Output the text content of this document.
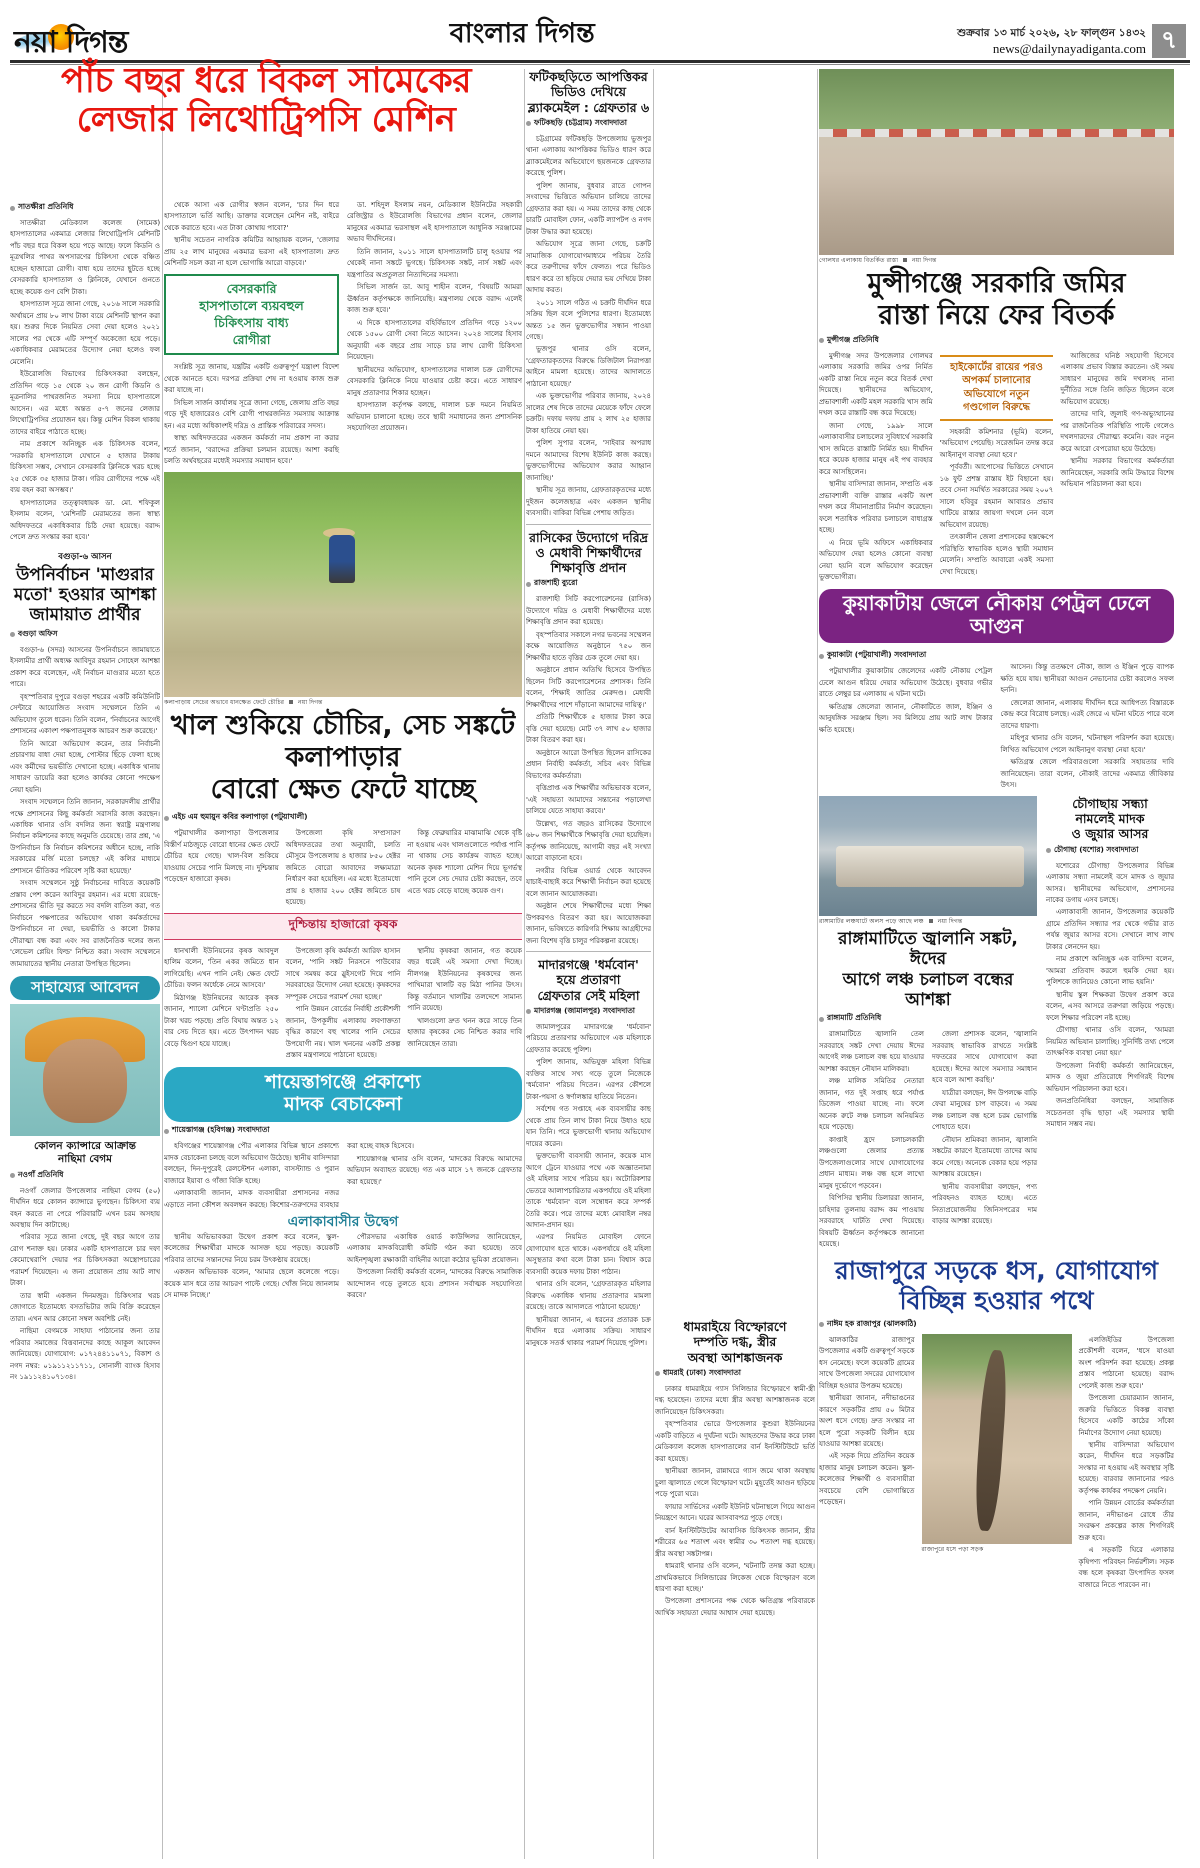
নয়া দিগন্ত	বাংলার দিগন্ত	শুক্রবার ১৩ মার্চ ২০২৬, ২৮ ফাল্গুন ১৪৩২
news@dailynayadiganta.com ৭
সাতক্ষীরা প্রতিনিধি

সাতক্ষীরা মেডিক্যাল কলেজ (সামেক) হাসপাতালের একমাত্র লেজার লিথোট্রিপসি মেশিনটি পাঁচ বছর ধরে বিকল হয়ে পড়ে আছে। ফলে কিডনি ও মূত্রথলির পাথর অপসারণের চিকিৎসা থেকে বঞ্চিত হচ্ছেন হাজারো রোগী। বাধ্য হয়ে তাদের ছুটতে হচ্ছে বেসরকারি হাসপাতাল ও ক্লিনিকে, যেখানে গুনতে হচ্ছে কয়েক গুণ বেশি টাকা।

হাসপাতাল সূত্রে জানা গেছে, ২০১৬ সালে সরকারি অর্থায়নে প্রায় ৮০ লাখ টাকা ব্যয়ে মেশিনটি স্থাপন করা হয়। শুরুর দিকে নিয়মিত সেবা দেয়া হলেও ২০২১ সালের পর থেকে এটি সম্পূর্ণ অকেজো হয়ে পড়ে। একাধিকবার মেরামতের উদ্যোগ নেয়া হলেও ফল মেলেনি।

ইউরোলজি বিভাগের চিকিৎসকরা বলছেন, প্রতিদিন গড়ে ১৫ থেকে ২০ জন রোগী কিডনি ও মূত্রনালির পাথরজনিত সমস্যা নিয়ে হাসপাতালে আসেন। এর মধ্যে অন্তত ৫-৭ জনের লেজার লিথোট্রিপসির প্রয়োজন হয়। কিন্তু মেশিন বিকল থাকায় তাদের বাইরে পাঠাতে হচ্ছে।

নাম প্রকাশে অনিচ্ছুক এক চিকিৎসক বলেন, 'সরকারি হাসপাতালে যেখানে ৫ হাজার টাকায় চিকিৎসা সম্ভব, সেখানে বেসরকারি ক্লিনিকে খরচ হচ্ছে ২৫ থেকে ৩৫ হাজার টাকা। গরিব রোগীদের পক্ষে এই ব্যয় বহন করা অসম্ভব।'

হাসপাতালের তত্ত্বাবধায়ক ডা. মো. শফিকুল ইসলাম বলেন, 'মেশিনটি মেরামতের জন্য স্বাস্থ্য অধিদফতরে একাধিকবার চিঠি দেয়া হয়েছে। বরাদ্দ পেলে দ্রুত সংস্কার করা হবে।'

বগুড়া-৬ আসন
উপনির্বাচন 'মাগুরার
মতো' হওয়ার আশঙ্কা
জামায়াত প্রার্থীর
বগুড়া অফিস

বগুড়া-৬ (সদর) আসনের উপনির্বাচনে জামায়াতে ইসলামীর প্রার্থী অধ্যক্ষ আবিদুর রহমান সোহেল আশঙ্কা প্রকাশ করে বলেছেন, এই নির্বাচন মাগুরার মতো হতে পারে।

বৃহস্পতিবার দুপুরে বগুড়া শহরের একটি কমিউনিটি সেন্টারে আয়োজিত সংবাদ সম্মেলনে তিনি এ অভিযোগ তুলে ধরেন। তিনি বলেন, 'নির্বাচনের আগেই প্রশাসনের একাংশ পক্ষপাতমূলক আচরণ শুরু করেছে।'

তিনি আরো অভিযোগ করেন, তার নির্বাচনী প্রচারণায় বাধা দেয়া হচ্ছে, পোস্টার ছিঁড়ে ফেলা হচ্ছে এবং কর্মীদের ভয়ভীতি দেখানো হচ্ছে। একাধিক থানায় সাধারণ ডায়েরি করা হলেও কার্যকর কোনো পদক্ষেপ নেয়া হয়নি।

সংবাদ সম্মেলনে তিনি জানান, সরকারদলীয় প্রার্থীর পক্ষে প্রশাসনের কিছু কর্মকর্তা সরাসরি কাজ করছেন। একাধিক থানার ওসি বদলির জন্য স্বরাষ্ট্র মন্ত্রণালয় নির্বাচন কমিশনের কাছে অনুমতি চেয়েছে। তার প্রশ্ন, 'এ উপনির্বাচন কি নির্বাচন কমিশনের অধীনে হচ্ছে, নাকি সরকারের মর্জি মতো চলছে? এই কলির মাধ্যমে প্রশাসনে ভীতিকর পরিবেশ সৃষ্টি করা হয়েছে।'

সংবাদ সম্মেলনে সুষ্ঠু নির্বাচনের দাবিতে কয়েকটি প্রস্তাব পেশ করেন আবিদুর রহমান। এর মধ্যে রয়েছে- প্রশাসনের ভীতি দূর করতে সব বদলি বাতিল করা, গত নির্বাচনে পক্ষপাতের অভিযোগ থাকা কর্মকর্তাদের উপনির্বাচনে না দেয়া, ভয়ভীতি ও কালো টাকার দৌরাত্ম্য বন্ধ করা এবং সব রাজনৈতিক দলের জন্য 'লেভেল প্লেয়িং ফিল্ড' নিশ্চিত করা। সংবাদ সম্মেলনে জামায়াতের স্থানীয় নেতারা উপস্থিত ছিলেন।

সাহায্যের আবেদন
কোলন ক্যান্সারে আক্রান্ত
নাছিমা বেগম
নওগাঁ প্রতিনিধি

নওগাঁ জেলার উপজেলার নাছিমা বেগম (৫০) দীর্ঘদিন ধরে কোলন ক্যান্সারে ভুগছেন। চিকিৎসা ব্যয় বহন করতে না পেরে পরিবারটি এখন চরম অসহায় অবস্থায় দিন কাটাচ্ছে।

পরিবার সূত্রে জানা গেছে, দুই বছর আগে তার রোগ শনাক্ত হয়। ঢাকার একটি হাসপাতালে চার দফা কেমোথেরাপি দেয়ার পর চিকিৎসকরা অস্ত্রোপচারের পরামর্শ দিয়েছেন। এ জন্য প্রয়োজন প্রায় আট লাখ টাকা।

তার স্বামী একজন দিনমজুর। চিকিৎসার খরচ জোগাতে ইতোমধ্যে বসতভিটার জমি বিক্রি করেছেন তারা। এখন আর কোনো সম্বল অবশিষ্ট নেই।

নাছিমা বেগমকে সাহায্য পাঠানোর জন্য তার পরিবার সমাজের বিত্তবানদের কাছে আকুল আবেদন জানিয়েছে। যোগাযোগ: ০১৭২৪৪১১০৭১, বিকাশ ও নগদ নম্বর: ০১৯১১২১১৭১১, সোনালী ব্যাংক হিসাব নং ১৯১১২৪১০৭১৩৪।

থেকে আসা এক রোগীর স্বজন বলেন, 'চার দিন ধরে হাসপাতালে ভর্তি আছি। ডাক্তার বলেছেন মেশিন নষ্ট, বাইরে থেকে করাতে হবে। এত টাকা কোথায় পাবো?'

স্থানীয় সচেতন নাগরিক কমিটির আহ্বায়ক বলেন, 'জেলার প্রায় ২৫ লাখ মানুষের একমাত্র ভরসা এই হাসপাতাল। দ্রুত মেশিনটি সচল করা না হলে ভোগান্তি আরো বাড়বে।'

বেসরকারি
হাসপাতালে ব্যয়বহুল
চিকিৎসায় বাধ্য
রোগীরা

সংশ্লিষ্ট সূত্র জানায়, যন্ত্রটির একটি গুরুত্বপূর্ণ যন্ত্রাংশ বিদেশ থেকে আনতে হবে। দরপত্র প্রক্রিয়া শেষ না হওয়ায় কাজ শুরু করা যাচ্ছে না।

সিভিল সার্জন কার্যালয় সূত্রে জানা গেছে, জেলায় প্রতি বছর গড়ে দুই হাজারেরও বেশি রোগী পাথরজনিত সমস্যায় আক্রান্ত হন। এর মধ্যে অধিকাংশই দরিদ্র ও প্রান্তিক পরিবারের সদস্য।

স্বাস্থ্য অধিদফতরের একজন কর্মকর্তা নাম প্রকাশ না করার শর্তে জানান, 'বরাদ্দের প্রক্রিয়া চলমান রয়েছে। আশা করছি চলতি অর্থবছরের মধ্যেই সমস্যার সমাধান হবে।'

ডা. শহিদুল ইসলাম নয়ন, মেডিক্যাল ইউনিটের সহকারী রেজিস্ট্রার ও ইউরোলজি বিভাগের প্রধান বলেন, জেলার মানুষের একমাত্র ভরসাস্থল এই হাসপাতালে আধুনিক সরঞ্জামের অভাব দীর্ঘদিনের।

তিনি জানান, ২০১১ সালে হাসপাতালটি চালু হওয়ার পর থেকেই নানা সঙ্কটে ভুগছে। চিকিৎসক সঙ্কট, নার্স সঙ্কট এবং যন্ত্রপাতির অপ্রতুলতা নিত্যদিনের সমস্যা।

সিভিল সার্জন ডা. আবু শাহীন বলেন, 'বিষয়টি আমরা ঊর্ধ্বতন কর্তৃপক্ষকে জানিয়েছি। মন্ত্রণালয় থেকে বরাদ্দ এলেই কাজ শুরু হবে।'

এ দিকে হাসপাতালের বহির্বিভাগে প্রতিদিন গড়ে ১২০০ থেকে ১৫০০ রোগী সেবা নিতে আসেন। ২০২৪ সালের হিসাব অনুযায়ী এক বছরে প্রায় সাড়ে চার লাখ রোগী চিকিৎসা নিয়েছেন।

স্থানীয়দের অভিযোগ, হাসপাতালের দালাল চক্র রোগীদের বেসরকারি ক্লিনিকে নিয়ে যাওয়ার চেষ্টা করে। এতে সাধারণ মানুষ প্রতারণার শিকার হচ্ছেন।

হাসপাতাল কর্তৃপক্ষ বলছে, দালাল চক্র দমনে নিয়মিত অভিযান চালানো হচ্ছে। তবে স্থায়ী সমাধানের জন্য প্রশাসনিক সহযোগিতা প্রয়োজন।

কলাপাড়ায় সেচের অভাবে ধানক্ষেত ফেটে চৌচির নয়া দিগন্ত
খাল শুকিয়ে চৌচির, সেচ সঙ্কটে কলাপাড়ার
বোরো ক্ষেত ফেটে যাচ্ছে
এইচ এম হুমায়ুন কবির কলাপাড়া (পটুয়াখালী)

পটুয়াখালীর কলাপাড়া উপজেলার বিস্তীর্ণ মাঠজুড়ে বোরো ধানের ক্ষেত ফেটে চৌচির হয়ে গেছে। খাল-বিল শুকিয়ে যাওয়ায় সেচের পানি মিলছে না। দুশ্চিন্তায় পড়েছেন হাজারো কৃষক।

উপজেলা কৃষি সম্প্রসারণ অধিদফতরের তথ্য অনুযায়ী, চলতি মৌসুমে উপজেলায় ৪ হাজার ৮৫০ হেক্টর জমিতে বোরো আবাদের লক্ষ্যমাত্রা নির্ধারণ করা হয়েছিল। এর মধ্যে ইতোমধ্যে প্রায় ৪ হাজার ২০০ হেক্টর জমিতে চাষ হয়েছে।

কিন্তু ফেব্রুয়ারির মাঝামাঝি থেকে বৃষ্টি না হওয়ায় এবং খালগুলোতে পর্যাপ্ত পানি না থাকায় সেচ কার্যক্রম ব্যাহত হচ্ছে। অনেক কৃষক শ্যালো মেশিন দিয়ে ভূগর্ভস্থ পানি তুলে সেচ দেয়ার চেষ্টা করছেন, তবে এতে খরচ বেড়ে যাচ্ছে কয়েক গুণ।

দুশ্চিন্তায় হাজারো কৃষক

ধানখালী ইউনিয়নের কৃষক আবদুল হালিম বলেন, 'তিন একর জমিতে ধান লাগিয়েছি। এখন পানি নেই। ক্ষেত ফেটে চৌচির। ফলন অর্ধেকে নেমে আসবে।'

মিঠাগঞ্জ ইউনিয়নের আরেক কৃষক জানান, শ্যালো মেশিনে ঘণ্টাপ্রতি ২৫০ টাকা খরচ পড়ছে। প্রতি বিঘায় অন্তত ১২ বার সেচ দিতে হয়। এতে উৎপাদন খরচ বেড়ে দ্বিগুণ হয়ে যাচ্ছে।

উপজেলা কৃষি কর্মকর্তা আরিফ হাসান বলেন, 'পানি সঙ্কট নিরসনে পাউবোর সাথে সমন্বয় করে স্লুইসগেট দিয়ে পানি সরবরাহের উদ্যোগ নেয়া হয়েছে। কৃষকদের সম্পূরক সেচের পরামর্শ দেয়া হচ্ছে।'

পানি উন্নয়ন বোর্ডের নির্বাহী প্রকৌশলী জানান, উপকূলীয় এলাকায় লবণাক্ততা বৃদ্ধির কারণে বহু খালের পানি সেচের উপযোগী নয়। খাল খননের একটি প্রকল্প প্রস্তাব মন্ত্রণালয়ে পাঠানো হয়েছে।

স্থানীয় কৃষকরা জানান, গত কয়েক বছর ধরেই এই সমস্যা দেখা দিচ্ছে। নীলগঞ্জ ইউনিয়নের কৃষকদের জন্য পাখিমারা খালটি বড় মিঠা পানির উৎস। কিন্তু বর্তমানে খালটির তলদেশে সামান্য পানি রয়েছে।

খালগুলো দ্রুত খনন করে সাড়ে তিন হাজার কৃষকের সেচ নিশ্চিত করার দাবি জানিয়েছেন তারা।

শায়েস্তাগঞ্জে প্রকাশ্যে
মাদক বেচাকেনা
শায়েস্তাগঞ্জ (হবিগঞ্জ) সংবাদদাতা

হবিগঞ্জের শায়েস্তাগঞ্জ পৌর এলাকার বিভিন্ন স্থানে প্রকাশ্যে মাদক বেচাকেনা চলছে বলে অভিযোগ উঠেছে। স্থানীয় বাসিন্দারা বলছেন, দিন-দুপুরেই রেলস্টেশন এলাকা, বাসস্ট্যান্ড ও পুরান বাজারে ইয়াবা ও গাঁজা বিক্রি হচ্ছে।

এলাকাবাসী জানান, মাদক ব্যবসায়ীরা প্রশাসনের নজর এড়াতে নানা কৌশল অবলম্বন করছে। কিশোর-তরুণদের ব্যবহার করা হচ্ছে বাহক হিসেবে।

শায়েস্তাগঞ্জ থানার ওসি বলেন, 'মাদকের বিরুদ্ধে আমাদের অভিযান অব্যাহত রয়েছে। গত এক মাসে ১৭ জনকে গ্রেফতার করা হয়েছে।'

এলাকাবাসীর উদ্বেগ

স্থানীয় অভিভাবকরা উদ্বেগ প্রকাশ করে বলেন, স্কুল-কলেজের শিক্ষার্থীরা মাদকে আসক্ত হয়ে পড়ছে। কয়েকটি পরিবার তাদের সন্তানদের নিয়ে চরম উৎকণ্ঠায় রয়েছে।

একজন অভিভাবক বলেন, 'আমার ছেলে কলেজে পড়ে। কয়েক মাস ধরে তার আচরণ পাল্টে গেছে। খোঁজ নিয়ে জানলাম সে মাদক নিচ্ছে।'

পৌরসভার একাধিক ওয়ার্ড কাউন্সিলর জানিয়েছেন, এলাকায় মাদকবিরোধী কমিটি গঠন করা হয়েছে। তবে আইনশৃঙ্খলা রক্ষাকারী বাহিনীর আরো কঠোর ভূমিকা প্রয়োজন।

উপজেলা নির্বাহী কর্মকর্তা বলেন, 'মাদকের বিরুদ্ধে সামাজিক আন্দোলন গড়ে তুলতে হবে। প্রশাসন সর্বাত্মক সহযোগিতা করবে।'

ফটিকছড়িতে আপত্তিকর
ভিডিও দেখিয়ে
ব্ল্যাকমেইল : গ্রেফতার ৬
ফটিকছড়ি (চট্টগ্রাম) সংবাদদাতা

চট্টগ্রামের ফটিকছড়ি উপজেলায় ভুজপুর থানা এলাকায় আপত্তিকর ভিডিও ধারণ করে ব্ল্যাকমেইলের অভিযোগে ছয়জনকে গ্রেফতার করেছে পুলিশ।

পুলিশ জানায়, বুধবার রাতে গোপন সংবাদের ভিত্তিতে অভিযান চালিয়ে তাদের গ্রেফতার করা হয়। এ সময় তাদের কাছ থেকে চারটি মোবাইল ফোন, একটি ল্যাপটপ ও নগদ টাকা উদ্ধার করা হয়েছে।

অভিযোগ সূত্রে জানা গেছে, চক্রটি সামাজিক যোগাযোগমাধ্যমে পরিচয় তৈরি করে তরুণীদের ফাঁদে ফেলত। পরে ভিডিও ধারণ করে তা ছড়িয়ে দেয়ার ভয় দেখিয়ে টাকা আদায় করত।

২০১১ সালে গঠিত এ চক্রটি দীর্ঘদিন ধরে সক্রিয় ছিল বলে পুলিশের ধারণা। ইতোমধ্যে অন্তত ১৫ জন ভুক্তভোগীর সন্ধান পাওয়া গেছে।

ভুজপুর থানার ওসি বলেন, 'গ্রেফতারকৃতদের বিরুদ্ধে ডিজিটাল নিরাপত্তা আইনে মামলা হয়েছে। তাদের আদালতে পাঠানো হয়েছে।'

এক ভুক্তভোগীর পরিবার জানায়, ২০২৪ সালের শেষ দিকে তাদের মেয়েকে ফাঁদে ফেলে চক্রটি। দফায় দফায় প্রায় ২ লাখ ২৫ হাজার টাকা হাতিয়ে নেয়া হয়।

পুলিশ সুপার বলেন, 'সাইবার অপরাধ দমনে আমাদের বিশেষ ইউনিট কাজ করছে। ভুক্তভোগীদের অভিযোগ করার আহ্বান জানাচ্ছি।'

স্থানীয় সূত্র জানায়, গ্রেফতারকৃতদের মধ্যে দুইজন কলেজছাত্র এবং একজন স্থানীয় ব্যবসায়ী। বাকিরা বিভিন্ন পেশায় জড়িত।

রাসিকের উদ্যোগে দরিদ্র
ও মেধাবী শিক্ষার্থীদের
শিক্ষাবৃত্তি প্রদান
রাজশাহী ব্যুরো

রাজশাহী সিটি করপোরেশনের (রাসিক) উদ্যোগে দরিদ্র ও মেধাবী শিক্ষার্থীদের মধ্যে শিক্ষাবৃত্তি প্রদান করা হয়েছে।

বৃহস্পতিবার সকালে নগর ভবনের সম্মেলন কক্ষে আয়োজিত অনুষ্ঠানে ৭৫০ জন শিক্ষার্থীর হাতে বৃত্তির চেক তুলে দেয়া হয়।

অনুষ্ঠানে প্রধান অতিথি হিসেবে উপস্থিত ছিলেন সিটি করপোরেশনের প্রশাসক। তিনি বলেন, 'শিক্ষাই জাতির মেরুদণ্ড। মেধাবী শিক্ষার্থীদের পাশে দাঁড়ানো আমাদের দায়িত্ব।'

প্রতিটি শিক্ষার্থীকে ৫ হাজার টাকা করে বৃত্তি দেয়া হয়েছে। মোট ৩৭ লাখ ৫০ হাজার টাকা বিতরণ করা হয়।

অনুষ্ঠানে আরো উপস্থিত ছিলেন রাসিকের প্রধান নির্বাহী কর্মকর্তা, সচিব এবং বিভিন্ন বিভাগের কর্মকর্তারা।

বৃত্তিপ্রাপ্ত এক শিক্ষার্থীর অভিভাবক বলেন, 'এই সহায়তা আমাদের সন্তানের পড়ালেখা চালিয়ে যেতে সাহায্য করবে।'

উল্লেখ্য, গত বছরও রাসিকের উদ্যোগে ৬৮০ জন শিক্ষার্থীকে শিক্ষাবৃত্তি দেয়া হয়েছিল। কর্তৃপক্ষ জানিয়েছে, আগামী বছর এই সংখ্যা আরো বাড়ানো হবে।

নগরীর বিভিন্ন ওয়ার্ড থেকে আবেদন যাচাই-বাছাই করে শিক্ষার্থী নির্বাচন করা হয়েছে বলে জানান আয়োজকরা।

অনুষ্ঠান শেষে শিক্ষার্থীদের মধ্যে শিক্ষা উপকরণও বিতরণ করা হয়। আয়োজকরা জানান, ভবিষ্যতে কারিগরি শিক্ষায় আগ্রহীদের জন্য বিশেষ বৃত্তি চালুর পরিকল্পনা রয়েছে।

মাদারগঞ্জে 'ধর্মবোন'
হয়ে প্রতারণা
গ্রেফতার সেই মহিলা
মাদারগঞ্জ (জামালপুর) সংবাদদাতা

জামালপুরের মাদারগঞ্জে 'ধর্মবোন' পরিচয়ে প্রতারণার অভিযোগে এক মহিলাকে গ্রেফতার করেছে পুলিশ।

পুলিশ জানায়, অভিযুক্ত মহিলা বিভিন্ন ব্যক্তির সাথে সখ্য গড়ে তুলে নিজেকে 'ধর্মবোন' পরিচয় দিতেন। এরপর কৌশলে টাকা-পয়সা ও স্বর্ণালঙ্কার হাতিয়ে নিতেন।

সর্বশেষ গত সপ্তাহে এক ব্যবসায়ীর কাছ থেকে প্রায় তিন লাখ টাকা নিয়ে উধাও হয়ে যান তিনি। পরে ভুক্তভোগী থানায় অভিযোগ দায়ের করেন।

ভুক্তভোগী ব্যবসায়ী জানান, কয়েক মাস আগে ট্রেনে যাওয়ার পথে এক অজ্ঞাতনামা ওই মহিলার সাথে পরিচয় হয়। অটোরিকশার ভেতরে আলাপচারিতার একপর্যায়ে ওই মহিলা তাকে 'ধর্মবোন' বলে সম্বোধন করে সম্পর্ক তৈরি করে। পরে তাদের মধ্যে মোবাইল নম্বর আদান-প্রদান হয়।

এরপর নিয়মিত মোবাইল ফোনে যোগাযোগ হতে থাকে। একপর্যায়ে ওই মহিলা অসুস্থতার কথা বলে টাকা চান। বিশ্বাস করে ব্যবসায়ী কয়েক দফায় টাকা পাঠান।

থানার ওসি বলেন, 'গ্রেফতারকৃত মহিলার বিরুদ্ধে একাধিক থানায় প্রতারণার মামলা রয়েছে। তাকে আদালতে পাঠানো হয়েছে।'

স্থানীয়রা জানান, এ ধরনের প্রতারক চক্র দীর্ঘদিন ধরে এলাকায় সক্রিয়। সাধারণ মানুষকে সতর্ক থাকার পরামর্শ দিয়েছে পুলিশ।

ধামরাইয়ে বিস্ফোরণে
দম্পতি দগ্ধ, স্ত্রীর
অবস্থা আশঙ্কাজনক
ধামরাই (ঢাকা) সংবাদদাতা

ঢাকার ধামরাইয়ে গ্যাস সিলিন্ডার বিস্ফোরণে স্বামী-স্ত্রী দগ্ধ হয়েছেন। তাদের মধ্যে স্ত্রীর অবস্থা আশঙ্কাজনক বলে জানিয়েছেন চিকিৎসকরা।

বৃহস্পতিবার ভোরে উপজেলার কুশুরা ইউনিয়নের একটি বাড়িতে এ দুর্ঘটনা ঘটে। আহতদের উদ্ধার করে ঢাকা মেডিক্যাল কলেজ হাসপাতালের বার্ন ইনস্টিটিউটে ভর্তি করা হয়েছে।

স্থানীয়রা জানান, রান্নাঘরে গ্যাস জমে থাকা অবস্থায় চুলা জ্বালাতে গেলে বিস্ফোরণ ঘটে। মুহূর্তেই আগুন ছড়িয়ে পড়ে পুরো ঘরে।

ফায়ার সার্ভিসের একটি ইউনিট ঘটনাস্থলে গিয়ে আগুন নিয়ন্ত্রণে আনে। ঘরের আসবাবপত্র পুড়ে গেছে।

বার্ন ইনস্টিটিউটের আবাসিক চিকিৎসক জানান, স্ত্রীর শরীরের ৬৫ শতাংশ এবং স্বামীর ৩০ শতাংশ দগ্ধ হয়েছে। স্ত্রীর অবস্থা সঙ্কটাপন্ন।

ধামরাই থানার ওসি বলেন, 'ঘটনাটি তদন্ত করা হচ্ছে। প্রাথমিকভাবে সিলিন্ডারের লিকেজ থেকে বিস্ফোরণ বলে ধারণা করা হচ্ছে।'

উপজেলা প্রশাসনের পক্ষ থেকে ক্ষতিগ্রস্ত পরিবারকে আর্থিক সহায়তা দেয়ার আশ্বাস দেয়া হয়েছে।

গোলঘর এলাকায় বিতর্কিত রাস্তা নয়া দিগন্ত
মুন্সীগঞ্জে সরকারি জমির
রাস্তা নিয়ে ফের বিতর্ক
মুন্সীগঞ্জ প্রতিনিধি

মুন্সীগঞ্জ সদর উপজেলার গোলঘর এলাকায় সরকারি জমির ওপর নির্মিত একটি রাস্তা নিয়ে নতুন করে বিতর্ক দেখা দিয়েছে। স্থানীয়দের অভিযোগ, প্রভাবশালী একটি মহল সরকারি খাস জমি দখল করে রাস্তাটি বন্ধ করে দিয়েছে।

জানা গেছে, ১৯৯৮ সালে এলাকাবাসীর চলাচলের সুবিধার্থে সরকারি খাস জমিতে রাস্তাটি নির্মিত হয়। দীর্ঘদিন ধরে কয়েক হাজার মানুষ এই পথ ব্যবহার করে আসছিলেন।

স্থানীয় বাসিন্দারা জানান, সম্প্রতি এক প্রভাবশালী ব্যক্তি রাস্তার একটি অংশ দখল করে সীমানাপ্রাচীর নির্মাণ করেছেন। ফলে শতাধিক পরিবার চলাচলে বাধাগ্রস্ত হচ্ছে।

এ নিয়ে ভূমি অফিসে একাধিকবার অভিযোগ দেয়া হলেও কোনো ব্যবস্থা নেয়া হয়নি বলে অভিযোগ করেছেন ভুক্তভোগীরা।

হাইকোর্টের রায়ের পরও
অপকর্ম চালানোর
অভিযোগে নতুন
গণ্ডগোল বিরুদ্ধে

সহকারী কমিশনার (ভূমি) বলেন, 'অভিযোগ পেয়েছি। সরেজমিন তদন্ত করে আইনানুগ ব্যবস্থা নেয়া হবে।'

পূর্ববর্তী। আপোসের ভিত্তিতে সেখানে ১৬ ফুট প্রশস্ত রাস্তায় ইট বিছানো হয়। তবে সেনা সমর্থিত সরকারের সময় ২০০৭ সালে হবিবুর রহমান আবারও প্রভাব খাটিয়ে রাস্তার জায়গা দখলে নেন বলে অভিযোগ রয়েছে।

তৎকালীন জেলা প্রশাসকের হস্তক্ষেপে পরিস্থিতি স্বাভাবিক হলেও স্থায়ী সমাধান মেলেনি। সম্প্রতি আবারো একই সমস্যা দেখা দিয়েছে।

আজিজের ঘনিষ্ঠ সহযোগী হিসেবে এলাকায় প্রভাব বিস্তার করতেন। ওই সময় সাধারণ মানুষের জমি দখলসহ নানা দুর্নীতির সঙ্গে তিনি জড়িত ছিলেন বলে অভিযোগ রয়েছে।

তাদের দাবি, জুলাই গণ-অভ্যুত্থানের পর রাজনৈতিক পরিস্থিতি পাল্টে গেলেও দখলদারদের দৌরাত্ম্য কমেনি। বরং নতুন করে আরো বেপরোয়া হয়ে উঠেছে।

স্থানীয় সরকার বিভাগের কর্মকর্তারা জানিয়েছেন, সরকারি জমি উদ্ধারে বিশেষ অভিযান পরিচালনা করা হবে।

কুয়াকাটায় জেলে নৌকায় পেট্রল ঢেলে আগুন
কুয়াকাটা (পটুয়াখালী) সংবাদদাতা

পটুয়াখালীর কুয়াকাটায় জেলেদের একটি নৌকায় পেট্রল ঢেলে আগুন ধরিয়ে দেয়ার অভিযোগ উঠেছে। বুধবার গভীর রাতে লেম্বুর চর এলাকায় এ ঘটনা ঘটে।

ক্ষতিগ্রস্ত জেলেরা জানান, নৌকাটিতে জাল, ইঞ্জিন ও আনুষঙ্গিক সরঞ্জাম ছিল। সব মিলিয়ে প্রায় আট লাখ টাকার ক্ষতি হয়েছে।

আসেন। কিন্তু ততক্ষণে নৌকা, জাল ও ইঞ্জিন পুড়ে ব্যাপক ক্ষতি হয়ে যায়। স্থানীয়রা আগুন নেভানোর চেষ্টা করলেও সফল হননি।

জেলেরা জানান, এলাকায় দীর্ঘদিন ধরে আধিপত্য বিস্তারকে কেন্দ্র করে বিরোধ চলছে। এরই জেরে এ ঘটনা ঘটতে পারে বলে তাদের ধারণা।

মহিপুর থানার ওসি বলেন, 'ঘটনাস্থল পরিদর্শন করা হয়েছে। লিখিত অভিযোগ পেলে আইনানুগ ব্যবস্থা নেয়া হবে।'

ক্ষতিগ্রস্ত জেলে পরিবারগুলো সরকারি সহায়তার দাবি জানিয়েছেন। তারা বলেন, নৌকাই তাদের একমাত্র জীবিকার উৎস।

রাঙ্গামাটির লঞ্চঘাটে অলস পড়ে আছে লঞ্চ নয়া দিগন্ত
রাঙ্গামাটিতে জ্বালানি সঙ্কট, ঈদের
আগে লঞ্চ চলাচল বন্ধের আশঙ্কা
রাঙ্গামাটি প্রতিনিধি

রাঙ্গামাটিতে জ্বালানি তেল সরবরাহে সঙ্কট দেখা দেয়ায় ঈদের আগেই লঞ্চ চলাচল বন্ধ হয়ে যাওয়ার আশঙ্কা করছেন নৌযান মালিকরা।

লঞ্চ মালিক সমিতির নেতারা জানান, গত দুই সপ্তাহ ধরে পর্যাপ্ত ডিজেল পাওয়া যাচ্ছে না। ফলে অনেক রুটে লঞ্চ চলাচল অনিয়মিত হয়ে পড়েছে।

কাপ্তাই হ্রদে চলাচলকারী লঞ্চগুলো জেলার প্রত্যন্ত উপজেলাগুলোর সাথে যোগাযোগের প্রধান মাধ্যম। লঞ্চ বন্ধ হলে লাখো মানুষ দুর্ভোগে পড়বেন।

বিপিসির স্থানীয় ডিলাররা জানান, চাহিদার তুলনায় বরাদ্দ কম পাওয়ায় সরবরাহে ঘাটতি দেখা দিয়েছে। বিষয়টি ঊর্ধ্বতন কর্তৃপক্ষকে জানানো হয়েছে।

জেলা প্রশাসক বলেন, 'জ্বালানি সরবরাহ স্বাভাবিক রাখতে সংশ্লিষ্ট দফতরের সাথে যোগাযোগ করা হয়েছে। ঈদের আগে সমস্যার সমাধান হবে বলে আশা করছি।'

যাত্রীরা বলছেন, ঈদ উপলক্ষে বাড়ি ফেরা মানুষের চাপ বাড়বে। এ সময় লঞ্চ চলাচল বন্ধ হলে চরম ভোগান্তি পোহাতে হবে।

নৌযান শ্রমিকরা জানান, জ্বালানি সঙ্কটের কারণে ইতোমধ্যে তাদের আয় কমে গেছে। অনেকে বেকার হয়ে পড়ার আশঙ্কায় রয়েছেন।

স্থানীয় ব্যবসায়ীরা বলছেন, পণ্য পরিবহনও ব্যাহত হচ্ছে। এতে নিত্যপ্রয়োজনীয় জিনিসপত্রের দাম বাড়ার আশঙ্কা রয়েছে।

চৌগাছায় সন্ধ্যা
নামলেই মাদক
ও জুয়ার আসর
চৌগাছা (যশোর) সংবাদদাতা

যশোরের চৌগাছা উপজেলার বিভিন্ন এলাকায় সন্ধ্যা নামলেই বসে মাদক ও জুয়ার আসর। স্থানীয়দের অভিযোগ, প্রশাসনের নাকের ডগায় এসব চলছে।

এলাকাবাসী জানান, উপজেলার কয়েকটি গ্রামে প্রতিদিন সন্ধ্যার পর থেকে গভীর রাত পর্যন্ত জুয়ার আসর বসে। সেখানে লাখ লাখ টাকার লেনদেন হয়।

নাম প্রকাশে অনিচ্ছুক এক বাসিন্দা বলেন, 'আমরা প্রতিবাদ করলে হুমকি দেয়া হয়। পুলিশকে জানিয়েও কোনো লাভ হয়নি।'

স্থানীয় স্কুল শিক্ষকরা উদ্বেগ প্রকাশ করে বলেন, এসব আসরে তরুণরা জড়িয়ে পড়ছে। ফলে শিক্ষার পরিবেশ নষ্ট হচ্ছে।

চৌগাছা থানার ওসি বলেন, 'আমরা নিয়মিত অভিযান চালাচ্ছি। সুনির্দিষ্ট তথ্য পেলে তাৎক্ষণিক ব্যবস্থা নেয়া হয়।'

উপজেলা নির্বাহী কর্মকর্তা জানিয়েছেন, মাদক ও জুয়া প্রতিরোধে শিগগিরই বিশেষ অভিযান পরিচালনা করা হবে।

জনপ্রতিনিধিরা বলছেন, সামাজিক সচেতনতা বৃদ্ধি ছাড়া এই সমস্যার স্থায়ী সমাধান সম্ভব নয়।

রাজাপুরে সড়কে ধস, যোগাযোগ
বিচ্ছিন্ন হওয়ার পথে
নাঈম হক রাজাপুর (ঝালকাঠি)

ঝালকাঠির রাজাপুর উপজেলার একটি গুরুত্বপূর্ণ সড়কে ধস নেমেছে। ফলে কয়েকটি গ্রামের সাথে উপজেলা সদরের যোগাযোগ বিচ্ছিন্ন হওয়ার উপক্রম হয়েছে।

স্থানীয়রা জানান, নদীভাঙনের কারণে সড়কটির প্রায় ৫০ মিটার অংশ ধসে গেছে। দ্রুত সংস্কার না হলে পুরো সড়কটি বিলীন হয়ে যাওয়ার আশঙ্কা রয়েছে।

এই সড়ক দিয়ে প্রতিদিন কয়েক হাজার মানুষ চলাচল করেন। স্কুল-কলেজের শিক্ষার্থী ও ব্যবসায়ীরা সবচেয়ে বেশি ভোগান্তিতে পড়েছেন।

রাজাপুরে ধসে পড়া সড়ক

এলজিইডির উপজেলা প্রকৌশলী বলেন, 'ধসে যাওয়া অংশ পরিদর্শন করা হয়েছে। প্রকল্প প্রস্তাব পাঠানো হয়েছে। বরাদ্দ পেলেই কাজ শুরু হবে।'

উপজেলা চেয়ারম্যান জানান, জরুরি ভিত্তিতে বিকল্প ব্যবস্থা হিসেবে একটি কাঠের সাঁকো নির্মাণের উদ্যোগ নেয়া হয়েছে।

স্থানীয় বাসিন্দারা অভিযোগ করেন, দীর্ঘদিন ধরে সড়কটির সংস্কার না হওয়ায় এই অবস্থার সৃষ্টি হয়েছে। বারবার জানানোর পরও কর্তৃপক্ষ কার্যকর পদক্ষেপ নেয়নি।

পানি উন্নয়ন বোর্ডের কর্মকর্তারা জানান, নদীভাঙন রোধে তীর সংরক্ষণ প্রকল্পের কাজ শিগগিরই শুরু হবে।

এ সড়কটি ঘিরে এলাকার কৃষিপণ্য পরিবহন নির্ভরশীল। সড়ক বন্ধ হলে কৃষকরা উৎপাদিত ফসল বাজারে নিতে পারবেন না।

পাঁচ বছর ধরে বিকল সামেকের
লেজার লিথোট্রিপসি মেশিন
